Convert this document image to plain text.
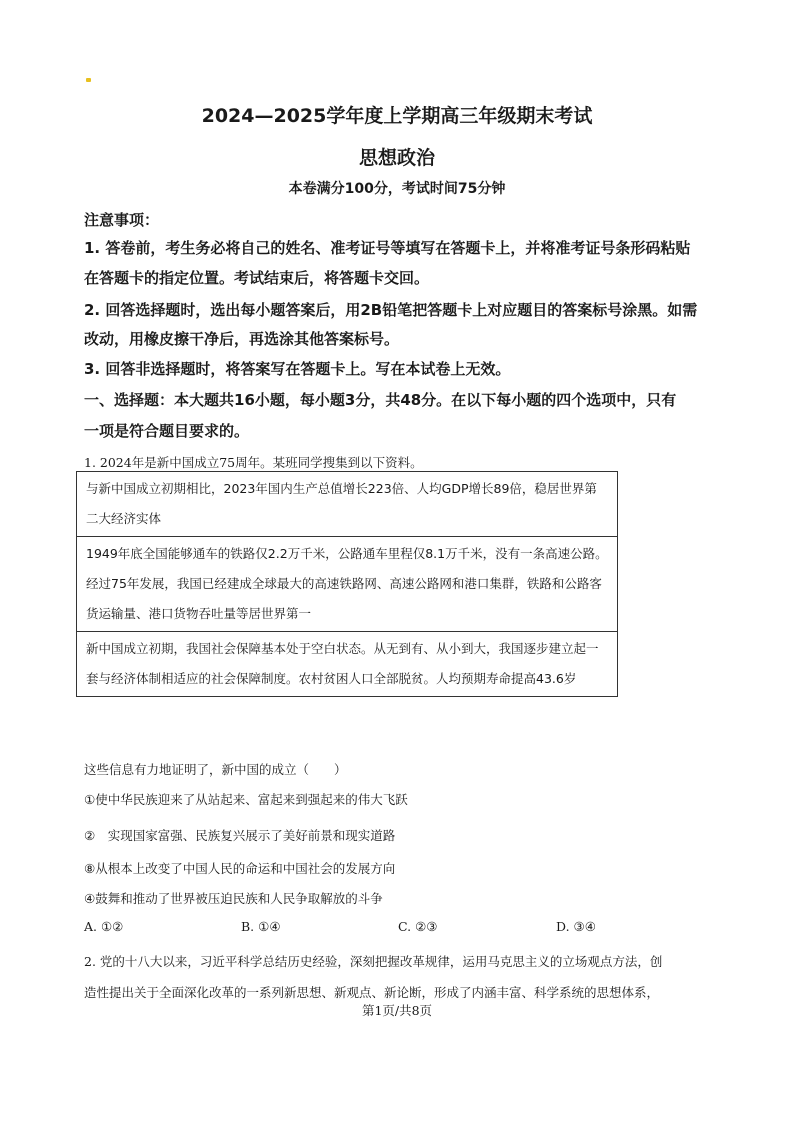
2024—2025学年度上学期高三年级期末考试
思想政治
本卷满分100分，考试时间75分钟
注意事项：
1. 答卷前，考生务必将自己的姓名、准考证号等填写在答题卡上，并将准考证号条形码粘贴
在答题卡的指定位置。考试结束后，将答题卡交回。
2. 回答选择题时，选出每小题答案后，用2B铅笔把答题卡上对应题目的答案标号涂黑。如需
改动，用橡皮擦干净后，再选涂其他答案标号。
3. 回答非选择题时，将答案写在答题卡上。写在本试卷上无效。
一、选择题：本大题共16小题，每小题3分，共48分。在以下每小题的四个选项中，只有
一项是符合题目要求的。
1. 2024年是新中国成立75周年。某班同学搜集到以下资料。
与新中国成立初期相比，2023年国内生产总值增长223倍、人均GDP增长89倍，稳居世界第二大经济实体
1949年底全国能够通车的铁路仅2.2万千米，公路通车里程仅8.1万千米，没有一条高速公路。经过75年发展，我国已经建成全球最大的高速铁路网、高速公路网和港口集群，铁路和公路客货运输量、港口货物吞吐量等居世界第一
新中国成立初期，我国社会保障基本处于空白状态。从无到有、从小到大，我国逐步建立起一套与经济体制相适应的社会保障制度。农村贫困人口全部脱贫。人均预期寿命提高43.6岁
这些信息有力地证明了，新中国的成立（　　）
①使中华民族迎来了从站起来、富起来到强起来的伟大飞跃
②　实现国家富强、民族复兴展示了美好前景和现实道路
⑧从根本上改变了中国人民的命运和中国社会的发展方向
④鼓舞和推动了世界被压迫民族和人民争取解放的斗争
A. ①②	B. ①④	C. ②③	D. ③④
2. 党的十八大以来，习近平科学总结历史经验，深刻把握改革规律，运用马克思主义的立场观点方法，创
造性提出关于全面深化改革的一系列新思想、新观点、新论断，形成了内涵丰富、科学系统的思想体系，
第1页/共8页
